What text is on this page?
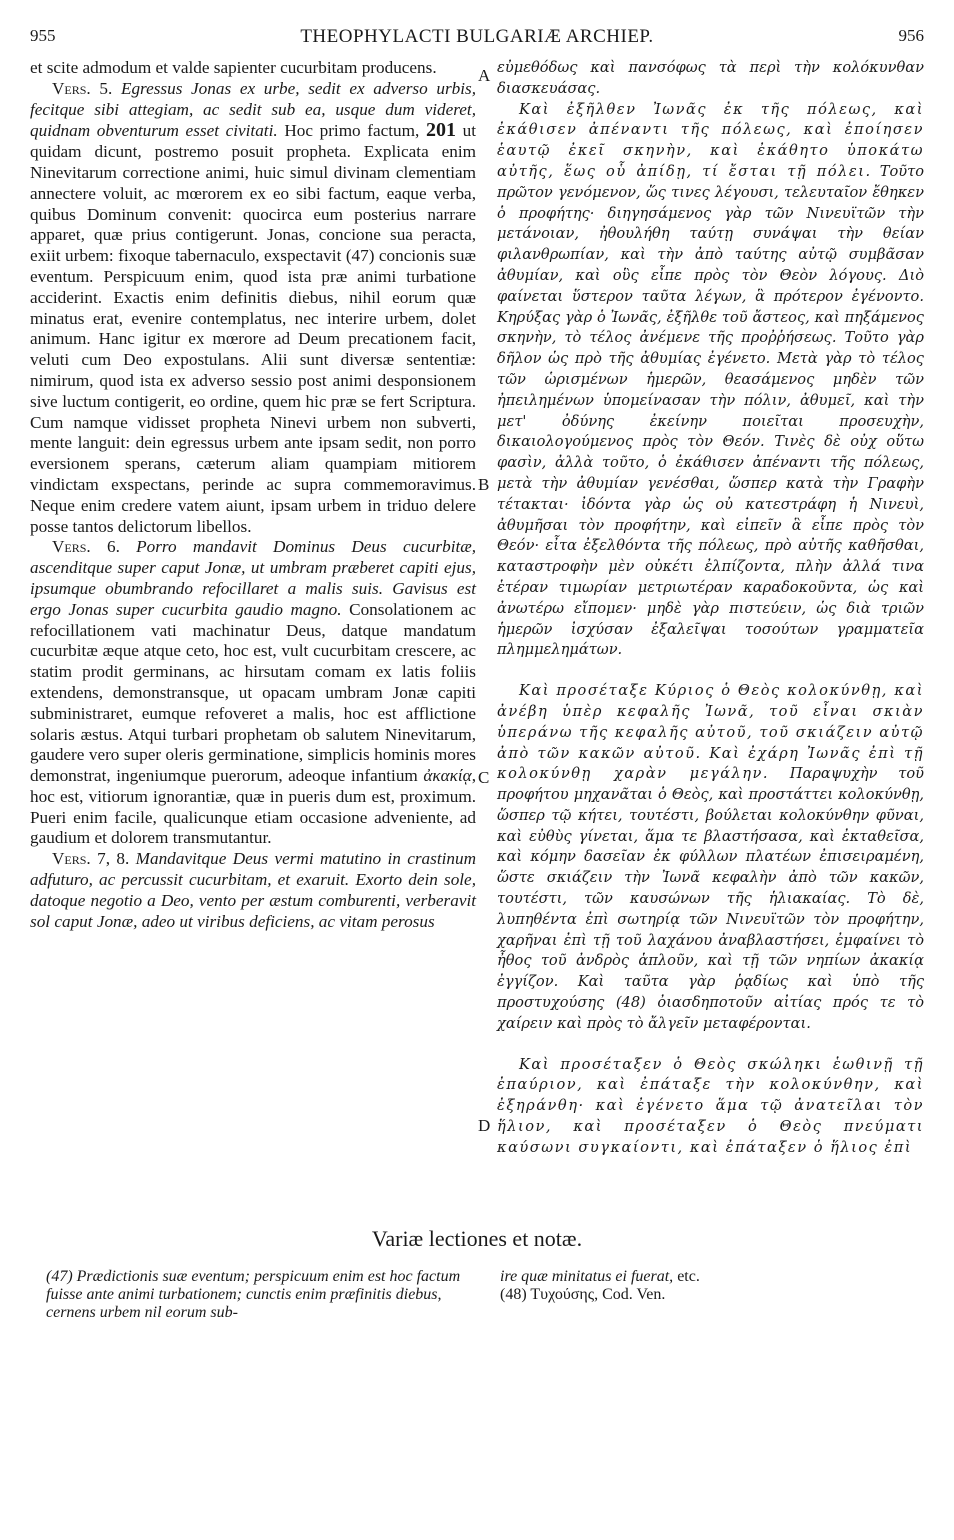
955	THEOPHYLACTI BULGARIÆ ARCHIEP.	956
A
B
C
D

et scite admodum et valde sapienter cucurbitam producens.

Vers. 5. Egressus Jonas ex urbe, sedit ex adverso urbis, fecitque sibi attegiam, ac sedit sub ea, usque dum videret, quidnam obventurum esset civitati. Hoc primo factum, 201 ut quidam dicunt, postremo posuit propheta. Explicata enim Ninevitarum correctione animi, huic simul divinam clementiam annectere voluit, ac mœrorem ex eo sibi factum, eaque verba, quibus Dominum convenit: quocirca eum posterius narrare apparet, quæ prius contigerunt. Jonas, concione sua peracta, exiit urbem: fixoque tabernaculo, exspectavit (47) concionis suæ eventum. Perspicuum enim, quod ista præ animi turbatione acciderint. Exactis enim definitis diebus, nihil eorum quæ minatus erat, evenire contemplatus, nec interire urbem, dolet animum. Hanc igitur ex mœrore ad Deum precationem facit, veluti cum Deo expostulans. Alii sunt diversæ sententiæ: nimirum, quod ista ex adverso sessio post animi desponsionem sive luctum contigerit, eo ordine, quem hic præ se fert Scriptura. Cum namque vidisset propheta Ninevi urbem non subverti, mente languit: dein egressus urbem ante ipsam sedit, non porro eversionem sperans, cæterum aliam quampiam mitiorem vindictam exspectans, perinde ac supra commemoravimus. Neque enim credere vatem aiunt, ipsam urbem in triduo delere posse tantos delictorum libellos.

Vers. 6. Porro mandavit Dominus Deus cucurbitæ, ascenditque super caput Jonæ, ut umbram præberet capiti ejus, ipsumque obumbrando refocillaret a malis suis. Gavisus est ergo Jonas super cucurbita gaudio magno. Consolationem ac refocillationem vati machinatur Deus, datque mandatum cucurbitæ æque atque ceto, hoc est, vult cucurbitam crescere, ac statim prodit germinans, ac hirsutam comam ex latis foliis extendens, demonstransque, ut opacam umbram Jonæ capiti subministraret, eumque refoveret a malis, hoc est afflictione solaris æstus. Atqui turbari prophetam ob salutem Ninevitarum, gaudere vero super oleris germinatione, simplicis hominis mores demonstrat, ingeniumque puerorum, adeoque infantium ἀκακίᾳ, hoc est, vitiorum ignorantiæ, quæ in pueris dum est, proximum. Pueri enim facile, qualicunque etiam occasione adveniente, ad gaudium et dolorem transmutantur.

Vers. 7, 8. Mandavitque Deus vermi matutino in crastinum adfuturo, ac percussit cucurbitam, et exaruit. Exorto dein sole, datoque negotio a Deo, vento per æstum comburenti, verberavit sol caput Jonæ, adeo ut viribus deficiens, ac vitam perosus

εὐμεθόδως καὶ πανσόφως τὰ περὶ τὴν κολόκυνθαν διασκευάσας.

Καὶ ἐξῆλθεν Ἰωνᾶς ἐκ τῆς πόλεως, καὶ ἐκάθισεν ἀπέναντι τῆς πόλεως, καὶ ἐποίησεν ἑαυτῷ ἐκεῖ σκηνὴν, καὶ ἐκάθητο ὑποκάτω αὐτῆς, ἕως οὗ ἀπίδῃ, τί ἔσται τῇ πόλει. Τοῦτο πρῶτον γενόμενον, ὥς τινες λέγουσι, τελευταῖον ἔθηκεν ὁ προφήτης· διηγησάμενος γὰρ τῶν Νινευϊτῶν τὴν μετάνοιαν, ἠθουλήθη ταύτῃ συνάψαι τὴν θείαν φιλανθρωπίαν, καὶ τὴν ἀπὸ ταύτης αὐτῷ συμβᾶσαν ἀθυμίαν, καὶ οὓς εἶπε πρὸς τὸν Θεὸν λόγους. Διὸ φαίνεται ὕστερον ταῦτα λέγων, ἃ πρότερον ἐγένοντο. Κηρύξας γὰρ ὁ Ἰωνᾶς, ἐξῆλθε τοῦ ἄστεος, καὶ πηξάμενος σκηνὴν, τὸ τέλος ἀνέμενε τῆς προῤῥήσεως. Τοῦτο γὰρ δῆλον ὡς πρὸ τῆς ἀθυμίας ἐγένετο. Μετὰ γὰρ τὸ τέλος τῶν ὡρισμένων ἡμερῶν, θεασάμενος μηδὲν τῶν ἠπειλημένων ὑπομείνασαν τὴν πόλιν, ἀθυμεῖ, καὶ τὴν μετ' ὀδύνης ἐκείνην ποιεῖται προσευχὴν, δικαιολογούμενος πρὸς τὸν Θεόν. Τινὲς δὲ οὐχ οὕτω φασὶν, ἀλλὰ τοῦτο, ὁ ἐκάθισεν ἀπέναντι τῆς πόλεως, μετὰ τὴν ἀθυμίαν γενέσθαι, ὥσπερ κατὰ τὴν Γραφὴν τέτακται· ἰδόντα γὰρ ὡς οὐ κατεστράφη ἡ Νινευὶ, ἀθυμῆσαι τὸν προφήτην, καὶ εἰπεῖν ἃ εἶπε πρὸς τὸν Θεόν· εἶτα ἐξελθόντα τῆς πόλεως, πρὸ αὐτῆς καθῆσθαι, καταστροφὴν μὲν οὐκέτι ἐλπίζοντα, πλὴν ἀλλά τινα ἑτέραν τιμωρίαν μετριωτέραν καραδοκοῦντα, ὡς καὶ ἀνωτέρω εἴπομεν· μηδὲ γὰρ πιστεύειν, ὡς διὰ τριῶν ἡμερῶν ἰσχύσαν ἐξαλεῖψαι τοσούτων γραμματεῖα πλημμελημάτων.

Καὶ προσέταξε Κύριος ὁ Θεὸς κολοκύνθῃ, καὶ ἀνέβη ὑπὲρ κεφαλῆς Ἰωνᾶ, τοῦ εἶναι σκιὰν ὑπεράνω τῆς κεφαλῆς αὐτοῦ, τοῦ σκιάζειν αὐτῷ ἀπὸ τῶν κακῶν αὐτοῦ. Καὶ ἐχάρη Ἰωνᾶς ἐπὶ τῇ κολοκύνθῃ χαρὰν μεγάλην. Παραψυχὴν τοῦ προφήτου μηχανᾶται ὁ Θεὸς, καὶ προστάττει κολοκύνθῃ, ὥσπερ τῷ κήτει, τουτέστι, βούλεται κολοκύνθην φῦναι, καὶ εὐθὺς γίνεται, ἅμα τε βλαστήσασα, καὶ ἐκταθεῖσα, καὶ κόμην δασεῖαν ἐκ φύλλων πλατέων ἐπισειραμένη, ὥστε σκιάζειν τὴν Ἰωνᾶ κεφαλὴν ἀπὸ τῶν κακῶν, τουτέστι, τῶν καυσώνων τῆς ἡλιακαίας. Τὸ δὲ, λυπηθέντα ἐπὶ σωτηρίᾳ τῶν Νινευϊτῶν τὸν προφήτην, χαρῆναι ἐπὶ τῇ τοῦ λαχάνου ἀναβλαστήσει, ἐμφαίνει τὸ ἦθος τοῦ ἀνδρὸς ἁπλοῦν, καὶ τῇ τῶν νηπίων ἀκακίᾳ ἐγγίζον. Καὶ ταῦτα γὰρ ῥᾳδίως καὶ ὑπὸ τῆς προστυχούσης (48) ὀιασδηποτοῦν αἰτίας πρός τε τὸ χαίρειν καὶ πρὸς τὸ ἄλγεῖν μεταφέρονται.

Καὶ προσέταξεν ὁ Θεὸς σκώληκι ἑωθινῇ τῇ ἐπαύριον, καὶ ἐπάταξε τὴν κολοκύνθην, καὶ ἐξηράνθη· καὶ ἐγένετο ἅμα τῷ ἀνατεῖλαι τὸν ἥλιον, καὶ προσέταξεν ὁ Θεὸς πνεύματι καύσωνι συγκαίοντι, καὶ ἐπάταξεν ὁ ἥλιος ἐπὶ

Variæ lectiones et notæ.
(47) Prædictionis suæ eventum; perspicuum enim est hoc factum fuisse ante animi turbationem; cunctis enim præfinitis diebus, cernens urbem nil eorum sub-
ire quæ minitatus ei fuerat, etc.
(48) Τυχούσης, Cod. Ven.
